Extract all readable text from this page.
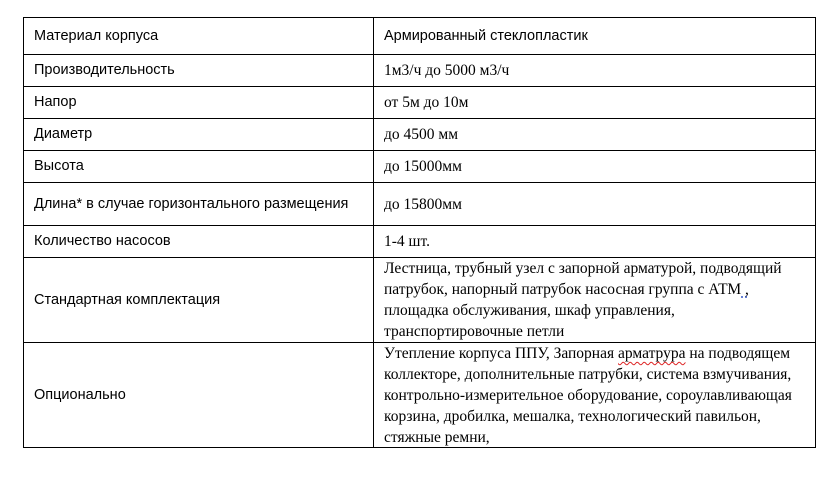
Материал корпуса	Армированный стеклопластик
Производительность	1м3/ч до 5000 м3/ч
Напор	от 5м до 10м
Диаметр	до 4500 мм
Высота	до 15000мм
Длина* в случае горизонтального размещения	до 15800мм
Количество насосов	1-4 шт.
Стандартная комплектация	Лестница, трубный узел с запорной арматурой, подводящий патрубок, напорный патрубок насосная группа с АТМ , площадка обслуживания, шкаф управления, транспортировочные петли
Опционально	Утепление корпуса ППУ, Запорная арматрура на подводящем коллекторе, дополнительные патрубки, система взмучивания, контрольно-измерительное оборудование, сороулавливающая корзина, дробилка, мешалка, технологический павильон, стяжные ремни,
